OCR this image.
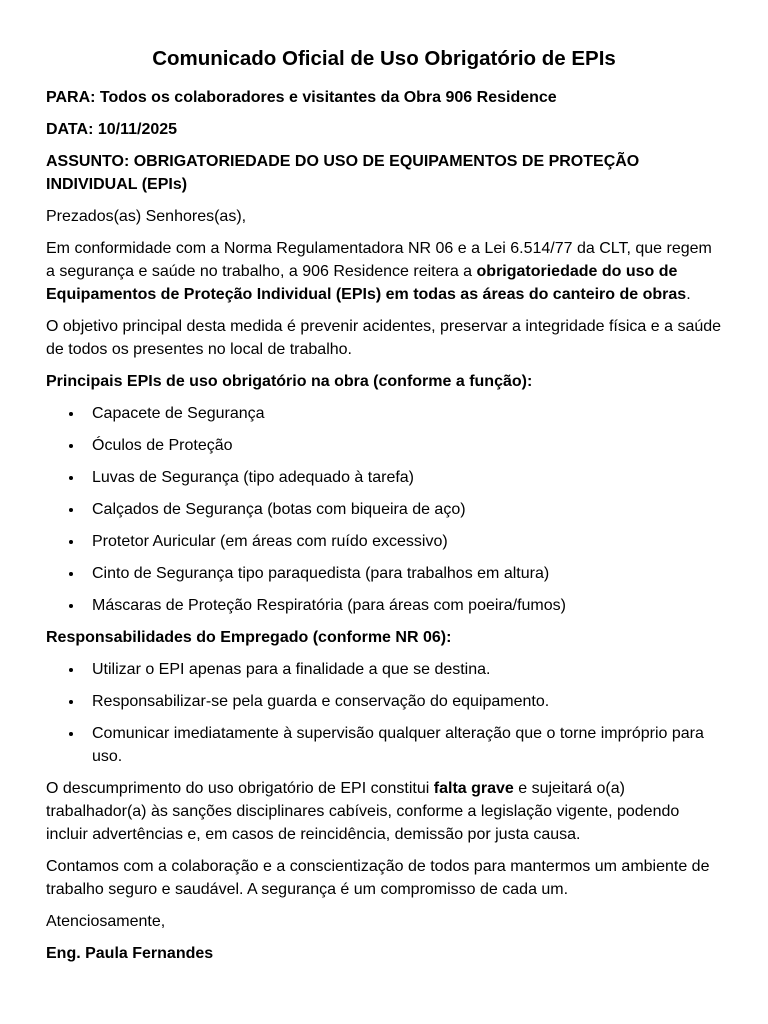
Comunicado Oficial de Uso Obrigatório de EPIs

PARA: Todos os colaboradores e visitantes da Obra 906 Residence

DATA: 10/11/2025

ASSUNTO: OBRIGATORIEDADE DO USO DE EQUIPAMENTOS DE PROTEÇÃO INDIVIDUAL (EPIs)

Prezados(as) Senhores(as),

Em conformidade com a Norma Regulamentadora NR 06 e a Lei 6.514/77 da CLT, que regem a segurança e saúde no trabalho, a 906 Residence reitera a obrigatoriedade do uso de Equipamentos de Proteção Individual (EPIs) em todas as áreas do canteiro de obras.

O objetivo principal desta medida é prevenir acidentes, preservar a integridade física e a saúde de todos os presentes no local de trabalho.

Principais EPIs de uso obrigatório na obra (conforme a função):

Capacete de Segurança
Óculos de Proteção
Luvas de Segurança (tipo adequado à tarefa)
Calçados de Segurança (botas com biqueira de aço)
Protetor Auricular (em áreas com ruído excessivo)
Cinto de Segurança tipo paraquedista (para trabalhos em altura)
Máscaras de Proteção Respiratória (para áreas com poeira/fumos)

Responsabilidades do Empregado (conforme NR 06):

Utilizar o EPI apenas para a finalidade a que se destina.
Responsabilizar-se pela guarda e conservação do equipamento.
Comunicar imediatamente à supervisão qualquer alteração que o torne impróprio para uso.

O descumprimento do uso obrigatório de EPI constitui falta grave e sujeitará o(a) trabalhador(a) às sanções disciplinares cabíveis, conforme a legislação vigente, podendo incluir advertências e, em casos de reincidência, demissão por justa causa.

Contamos com a colaboração e a conscientização de todos para mantermos um ambiente de trabalho seguro e saudável. A segurança é um compromisso de cada um.

Atenciosamente,

Eng. Paula Fernandes
